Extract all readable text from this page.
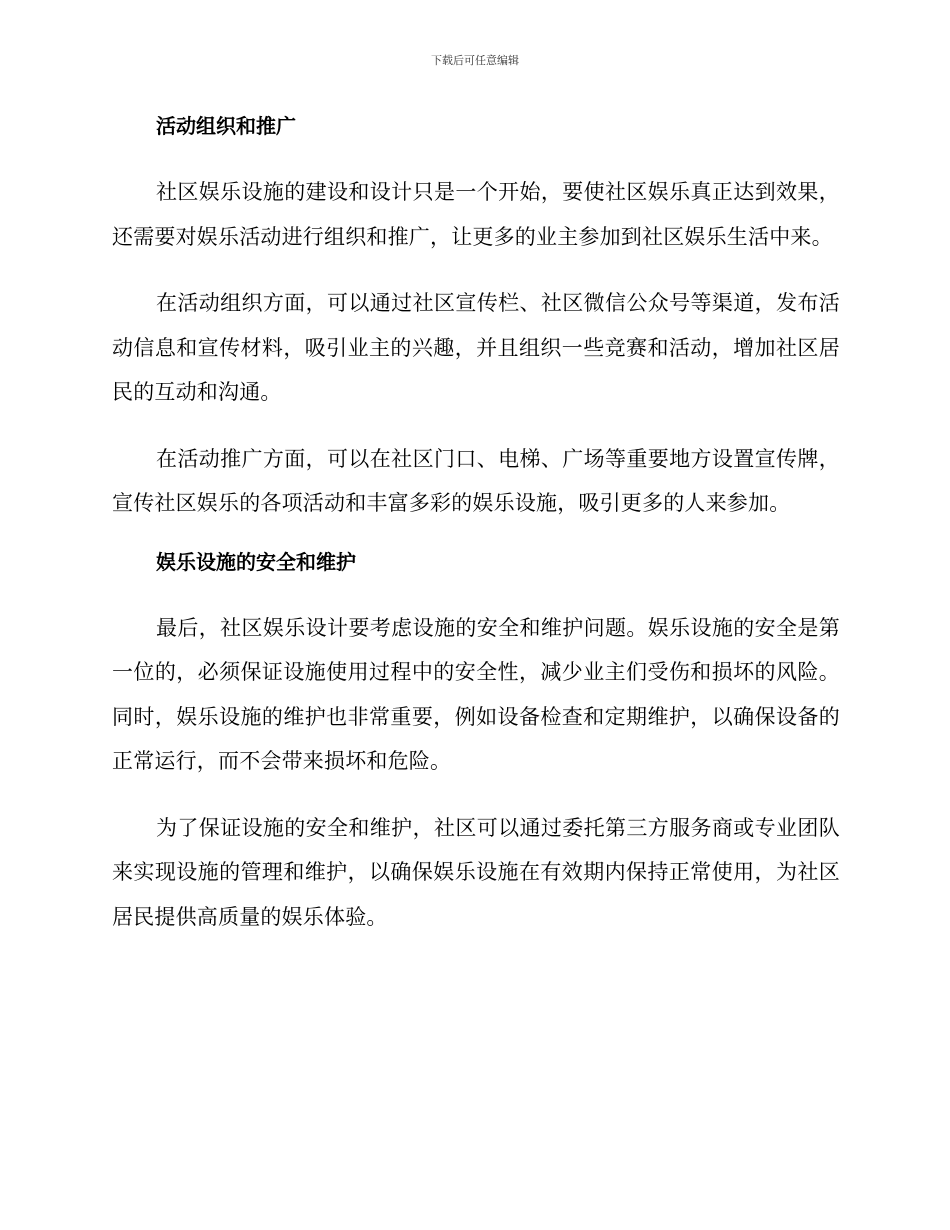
下载后可任意编辑
活动组织和推广

社区娱乐设施的建设和设计只是一个开始，要使社区娱乐真正达到效果，还需要对娱乐活动进行组织和推广，让更多的业主参加到社区娱乐生活中来。

在活动组织方面，可以通过社区宣传栏、社区微信公众号等渠道，发布活动信息和宣传材料，吸引业主的兴趣，并且组织一些竞赛和活动，增加社区居民的互动和沟通。

在活动推广方面，可以在社区门口、电梯、广场等重要地方设置宣传牌，宣传社区娱乐的各项活动和丰富多彩的娱乐设施，吸引更多的人来参加。

娱乐设施的安全和维护

最后，社区娱乐设计要考虑设施的安全和维护问题。娱乐设施的安全是第一位的，必须保证设施使用过程中的安全性，减少业主们受伤和损坏的风险。同时，娱乐设施的维护也非常重要，例如设备检查和定期维护，以确保设备的正常运行，而不会带来损坏和危险。

为了保证设施的安全和维护，社区可以通过委托第三方服务商或专业团队来实现设施的管理和维护，以确保娱乐设施在有效期内保持正常使用，为社区居民提供高质量的娱乐体验。
